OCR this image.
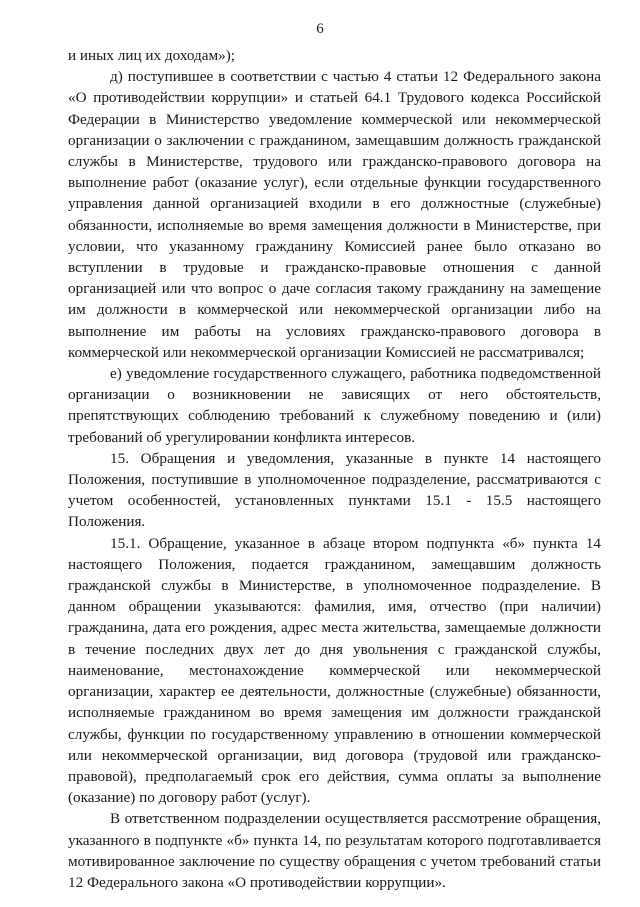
6

и иных лиц их доходам»);

д) поступившее в соответствии с частью 4 статьи 12 Федерального закона «О противодействии коррупции» и статьей 64.1 Трудового кодекса Российской Федерации в Министерство уведомление коммерческой или некоммерческой организации о заключении с гражданином, замещавшим должность гражданской службы в Министерстве, трудового или гражданско-правового договора на выполнение работ (оказание услуг), если отдельные функции государственного управления данной организацией входили в его должностные (служебные) обязанности, исполняемые во время замещения должности в Министерстве, при условии, что указанному гражданину Комиссией ранее было отказано во вступлении в трудовые и гражданско-правовые отношения с данной организацией или что вопрос о даче согласия такому гражданину на замещение им должности в коммерческой или некоммерческой организации либо на выполнение им работы на условиях гражданско-правового договора в коммерческой или некоммерческой организации Комиссией не рассматривался;

е) уведомление государственного служащего, работника подведомственной организации о возникновении не зависящих от него обстоятельств, препятствующих соблюдению требований к служебному поведению и (или) требований об урегулировании конфликта интересов.

15. Обращения и уведомления, указанные в пункте 14 настоящего Положения, поступившие в уполномоченное подразделение, рассматриваются с учетом особенностей, установленных пунктами 15.1 - 15.5 настоящего Положения.

15.1. Обращение, указанное в абзаце втором подпункта «б» пункта 14 настоящего Положения, подается гражданином, замещавшим должность гражданской службы в Министерстве, в уполномоченное подразделение. В данном обращении указываются: фамилия, имя, отчество (при наличии) гражданина, дата его рождения, адрес места жительства, замещаемые должности в течение последних двух лет до дня увольнения с гражданской службы, наименование, местонахождение коммерческой или некоммерческой организации, характер ее деятельности, должностные (служебные) обязанности, исполняемые гражданином во время замещения им должности гражданской службы, функции по государственному управлению в отношении коммерческой или некоммерческой организации, вид договора (трудовой или гражданско-правовой), предполагаемый срок его действия, сумма оплаты за выполнение (оказание) по договору работ (услуг).

В ответственном подразделении осуществляется рассмотрение обращения, указанного в подпункте «б» пункта 14, по результатам которого подготавливается мотивированное заключение по существу обращения с учетом требований статьи 12 Федерального закона «О противодействии коррупции».
